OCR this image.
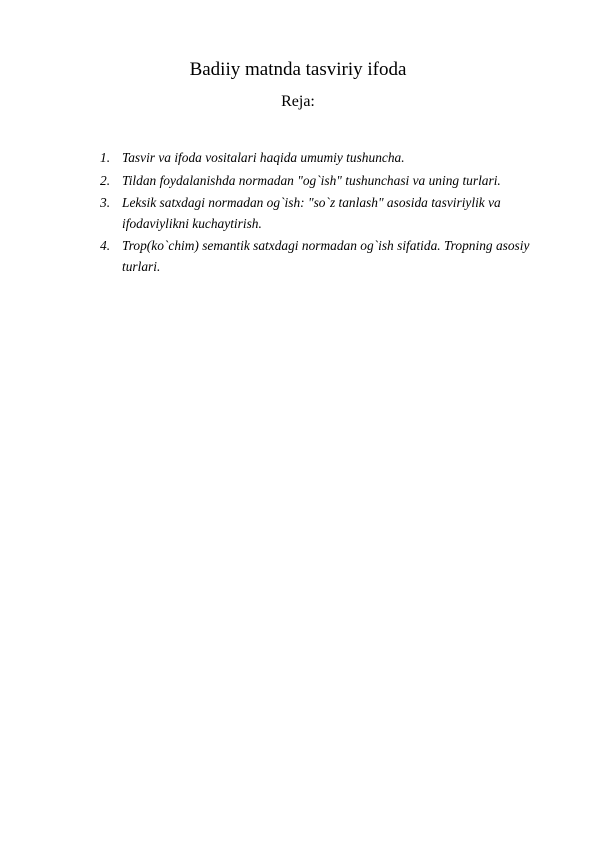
Badiiy matnda tasviriy ifoda
Reja:
1. Tasvir va ifoda vositalari haqida umumiy tushuncha.
2. Tildan foydalanishda normadan "og`ish" tushunchasi va uning turlari.
3. Leksik satxdagi normadan og`ish: "so`z tanlash" asosida tasviriylik va ifodaviylikni kuchaytirish.
4. Trop(ko`chim) semantik satxdagi normadan og`ish sifatida. Tropning asosiy turlari.
